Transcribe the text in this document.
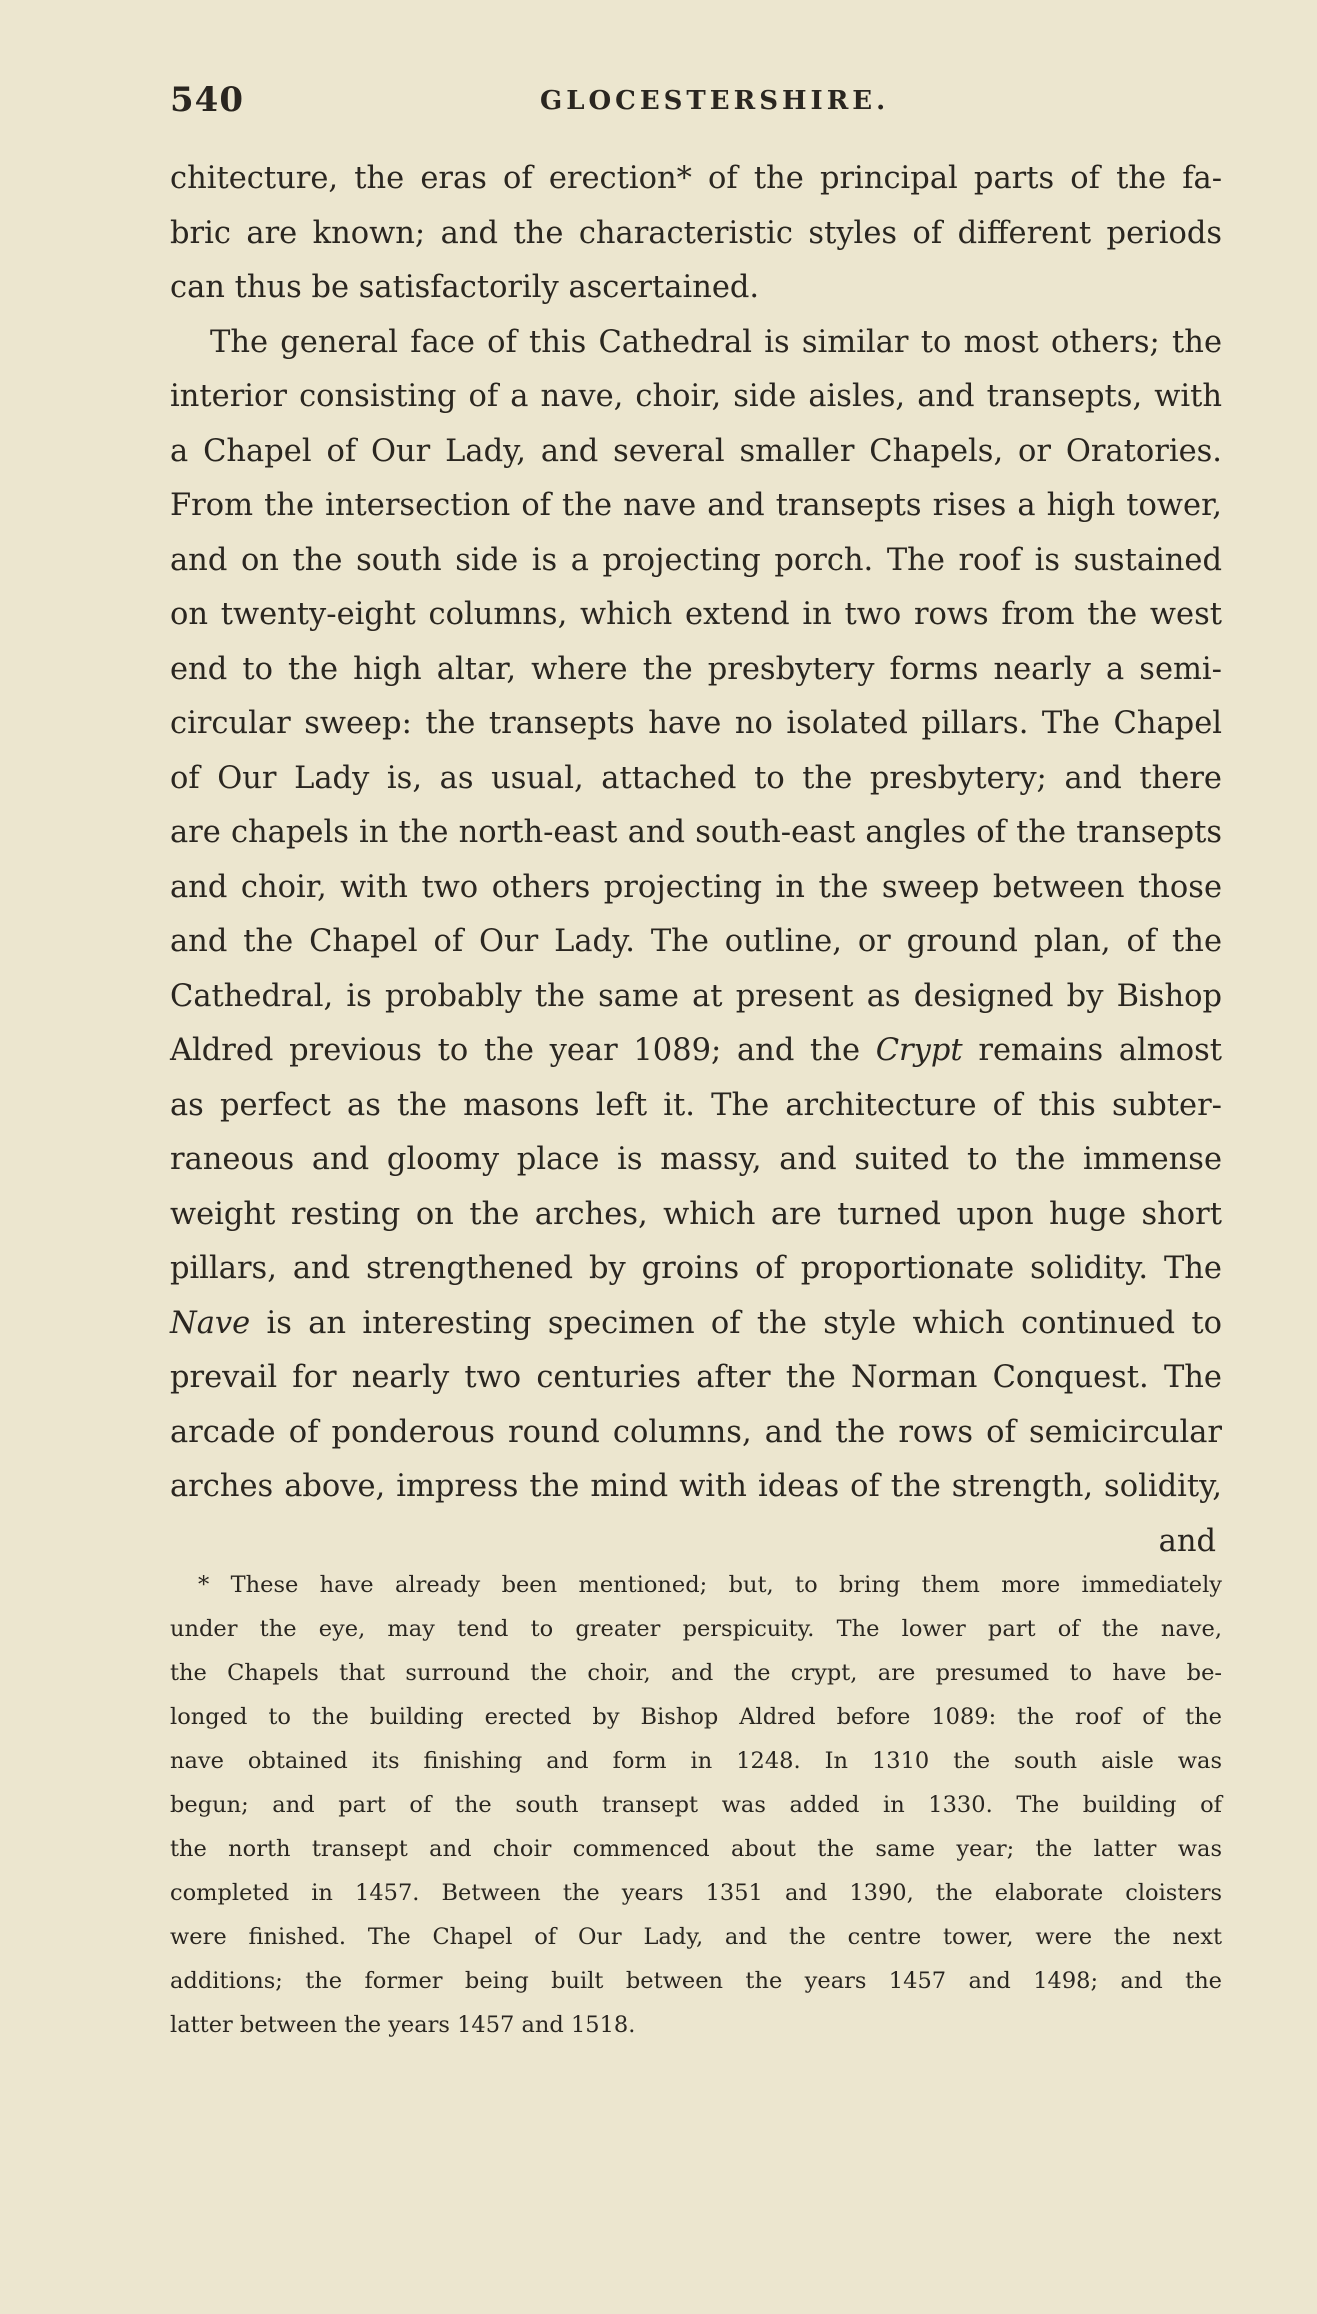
540	GLOCESTERSHIRE.
chitecture, the eras of erection* of the principal parts of the fa-
bric are known; and the characteristic styles of different periods
can thus be satisfactorily ascertained.
The general face of this Cathedral is similar to most others; the
interior consisting of a nave, choir, side aisles, and transepts, with
a Chapel of Our Lady, and several smaller Chapels, or Oratories.
From the intersection of the nave and transepts rises a high tower,
and on the south side is a projecting porch. The roof is sustained
on twenty-eight columns, which extend in two rows from the west
end to the high altar, where the presbytery forms nearly a semi-
circular sweep: the transepts have no isolated pillars. The Chapel
of Our Lady is, as usual, attached to the presbytery; and there
are chapels in the north-east and south-east angles of the transepts
and choir, with two others projecting in the sweep between those
and the Chapel of Our Lady. The outline, or ground plan, of the
Cathedral, is probably the same at present as designed by Bishop
Aldred previous to the year 1089; and the Crypt remains almost
as perfect as the masons left it. The architecture of this subter-
raneous and gloomy place is massy, and suited to the immense
weight resting on the arches, which are turned upon huge short
pillars, and strengthened by groins of proportionate solidity. The
Nave is an interesting specimen of the style which continued to
prevail for nearly two centuries after the Norman Conquest. The
arcade of ponderous round columns, and the rows of semicircular
arches above, impress the mind with ideas of the strength, solidity,
and
* These have already been mentioned; but, to bring them more immediately
under the eye, may tend to greater perspicuity. The lower part of the nave,
the Chapels that surround the choir, and the crypt, are presumed to have be-
longed to the building erected by Bishop Aldred before 1089: the roof of the
nave obtained its finishing and form in 1248. In 1310 the south aisle was
begun; and part of the south transept was added in 1330. The building of
the north transept and choir commenced about the same year; the latter was
completed in 1457. Between the years 1351 and 1390, the elaborate cloisters
were finished. The Chapel of Our Lady, and the centre tower, were the next
additions; the former being built between the years 1457 and 1498; and the
latter between the years 1457 and 1518.
